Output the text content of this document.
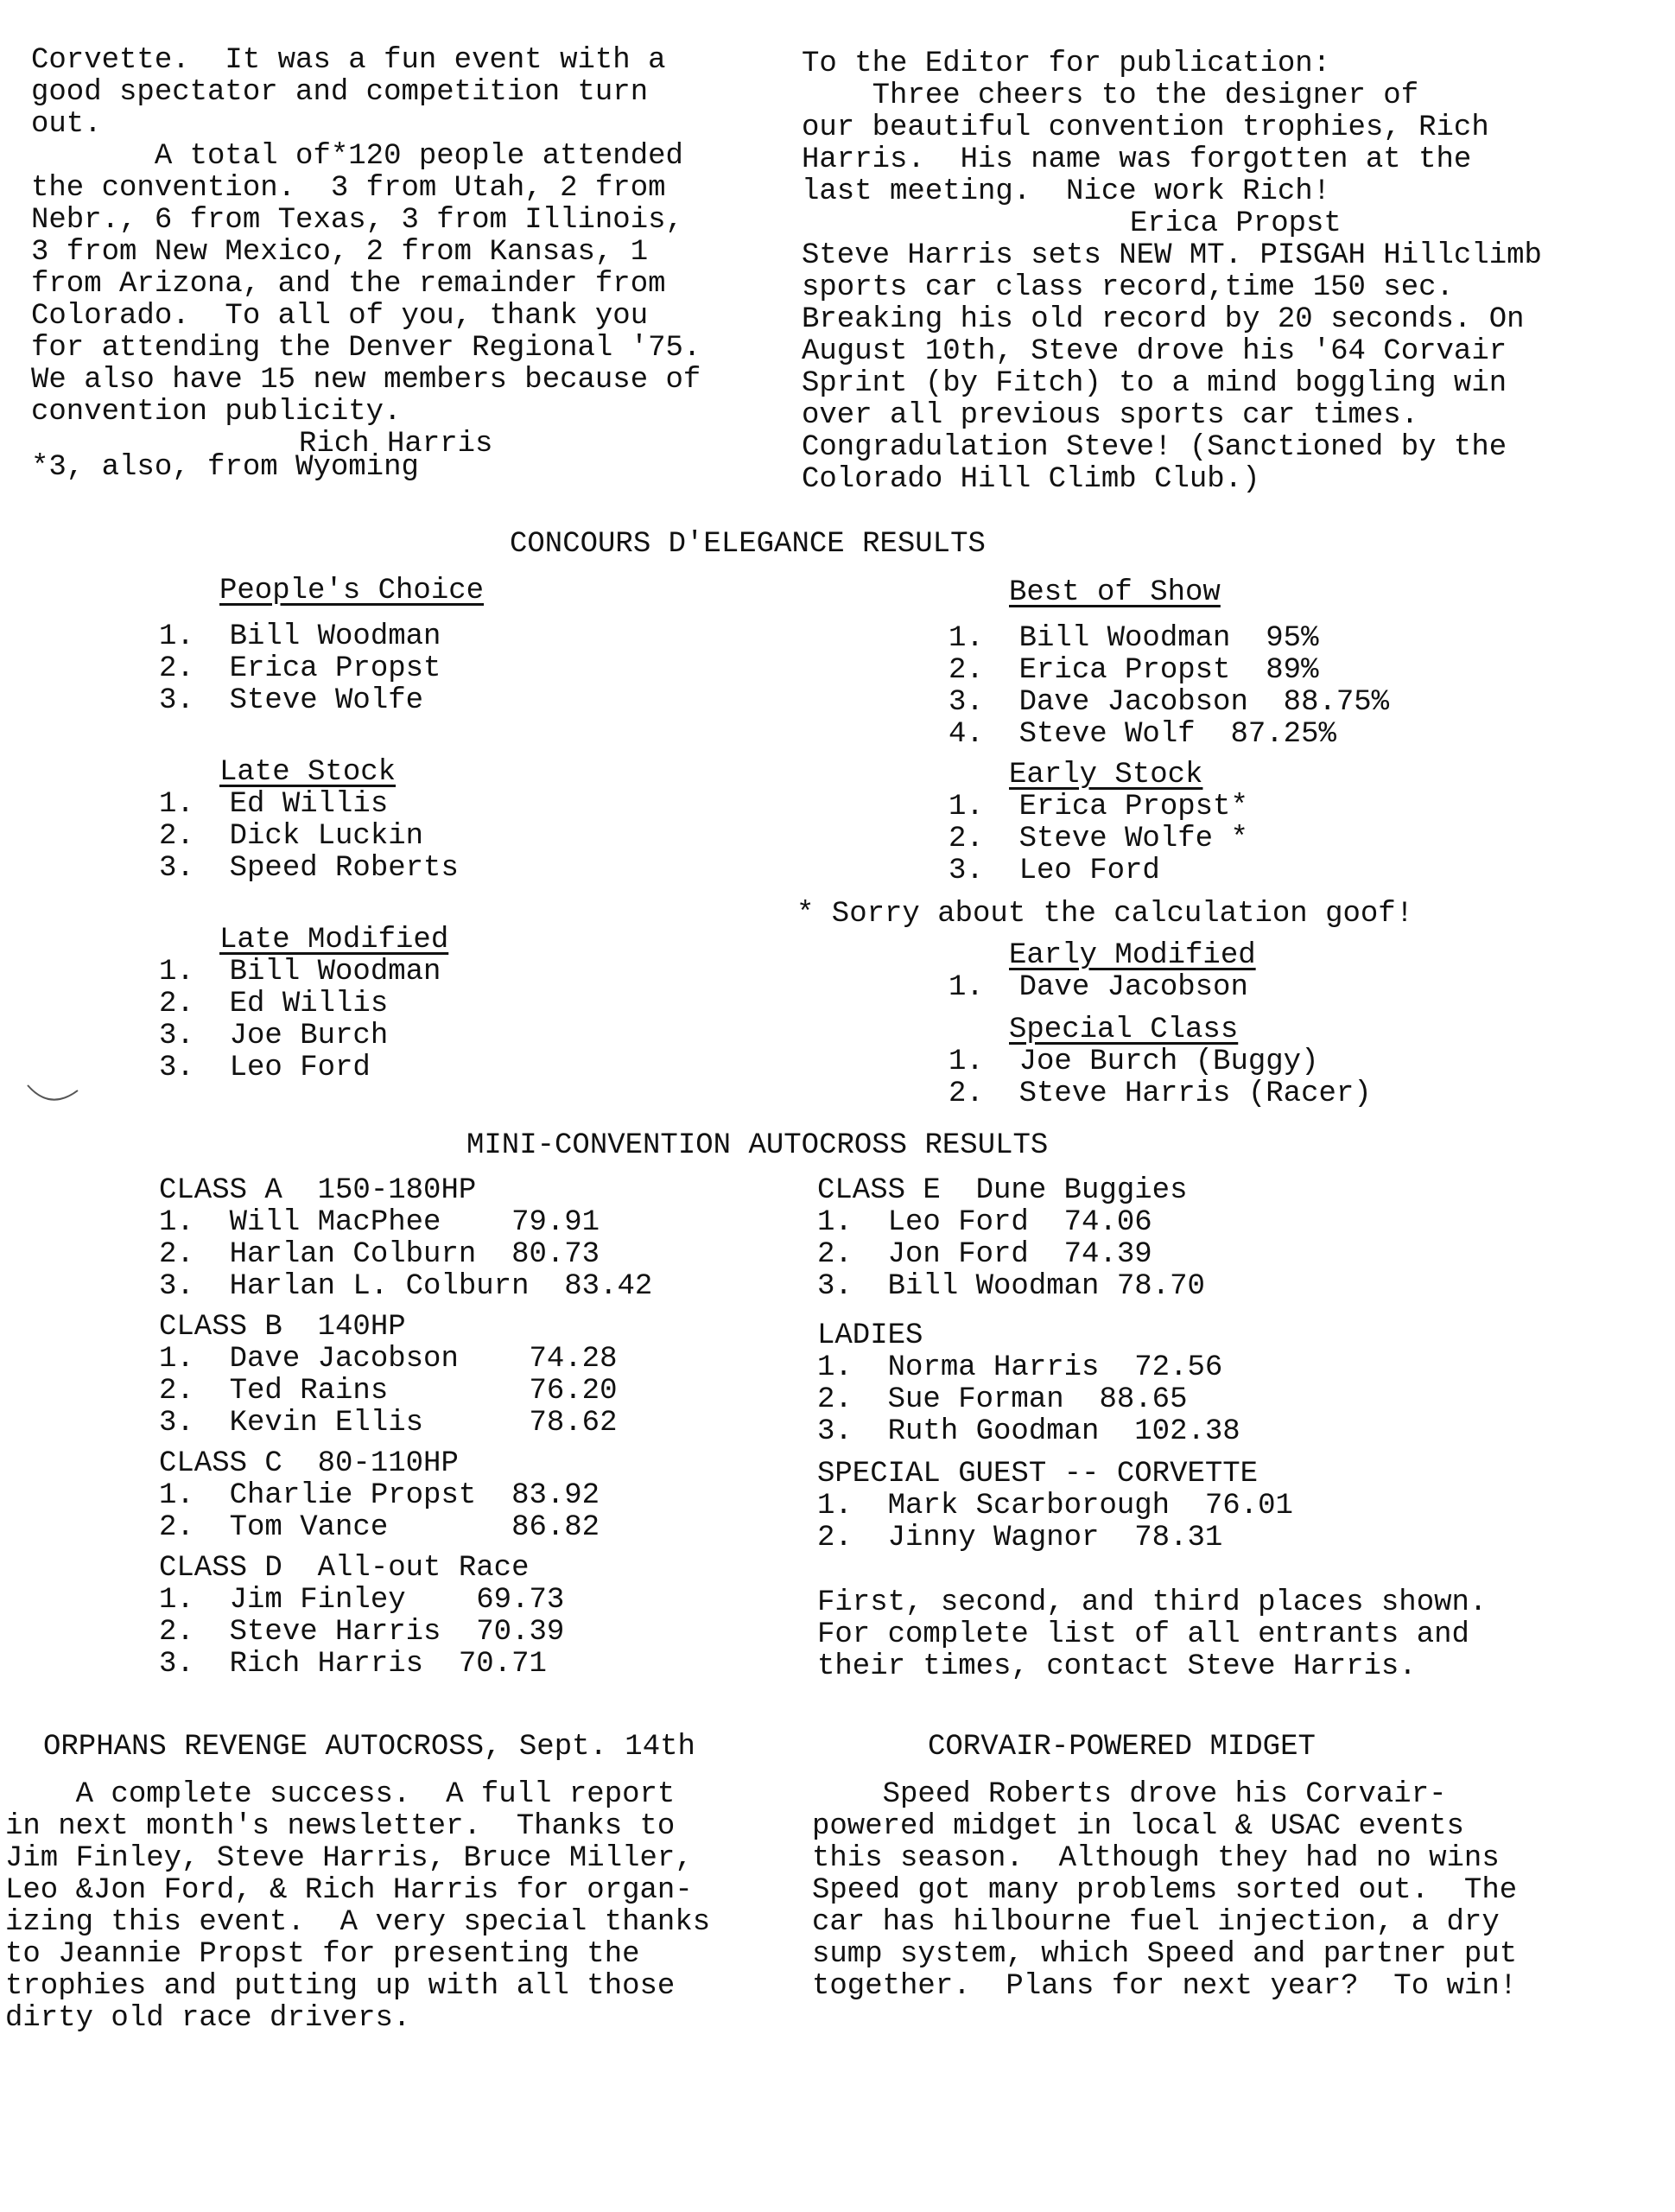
Corvette.  It was a fun event with a
good spectator and competition turn
out.
A total of*120 people attended
the convention.  3 from Utah, 2 from
Nebr., 6 from Texas, 3 from Illinois,
3 from New Mexico, 2 from Kansas, 1
from Arizona, and the remainder from
Colorado.  To all of you, thank you
for attending the Denver Regional '75.
We also have 15 new members because of
convention publicity.
Rich Harris
*3, also, from Wyoming
To the Editor for publication:
Three cheers to the designer of
our beautiful convention trophies, Rich
Harris.  His name was forgotten at the
last meeting.  Nice work Rich!
Erica Propst
Steve Harris sets NEW MT. PISGAH Hillclimb
sports car class record,time 150 sec.
Breaking his old record by 20 seconds. On
August 10th, Steve drove his '64 Corvair
Sprint (by Fitch) to a mind boggling win
over all previous sports car times.
Congradulation Steve! (Sanctioned by the
Colorado Hill Climb Club.)
CONCOURS D'ELEGANCE RESULTS
People's Choice
1.  Bill Woodman
2.  Erica Propst
3.  Steve Wolfe
Late Stock
1.  Ed Willis
2.  Dick Luckin
3.  Speed Roberts
Late Modified
1.  Bill Woodman
2.  Ed Willis
3.  Joe Burch
3.  Leo Ford
Best of Show
1.  Bill Woodman  95%
2.  Erica Propst  89%
3.  Dave Jacobson  88.75%
4.  Steve Wolf  87.25%
Early Stock
1.  Erica Propst*
2.  Steve Wolfe *
3.  Leo Ford
* Sorry about the calculation goof!
Early Modified
1.  Dave Jacobson
Special Class
1.  Joe Burch (Buggy)
2.  Steve Harris (Racer)
MINI-CONVENTION AUTOCROSS RESULTS
CLASS A  150-180HP
1.  Will MacPhee    79.91
2.  Harlan Colburn  80.73
3.  Harlan L. Colburn  83.42
CLASS B  140HP
1.  Dave Jacobson    74.28
2.  Ted Rains        76.20
3.  Kevin Ellis      78.62
CLASS C  80-110HP
1.  Charlie Propst  83.92
2.  Tom Vance       86.82
CLASS D  All-out Race
1.  Jim Finley    69.73
2.  Steve Harris  70.39
3.  Rich Harris  70.71
CLASS E  Dune Buggies
1.  Leo Ford  74.06
2.  Jon Ford  74.39
3.  Bill Woodman 78.70
LADIES
1.  Norma Harris  72.56
2.  Sue Forman  88.65
3.  Ruth Goodman  102.38
SPECIAL GUEST -- CORVETTE
1.  Mark Scarborough  76.01
2.  Jinny Wagnor  78.31
First, second, and third places shown.
For complete list of all entrants and
their times, contact Steve Harris.
ORPHANS REVENGE AUTOCROSS, Sept. 14th
A complete success.  A full report
in next month's newsletter.  Thanks to
Jim Finley, Steve Harris, Bruce Miller,
Leo &Jon Ford, & Rich Harris for organ-
izing this event.  A very special thanks
to Jeannie Propst for presenting the
trophies and putting up with all those
dirty old race drivers.
CORVAIR-POWERED MIDGET
Speed Roberts drove his Corvair-
powered midget in local & USAC events
this season.  Although they had no wins
Speed got many problems sorted out.  The
car has hilbourne fuel injection, a dry
sump system, which Speed and partner put
together.  Plans for next year?  To win!
